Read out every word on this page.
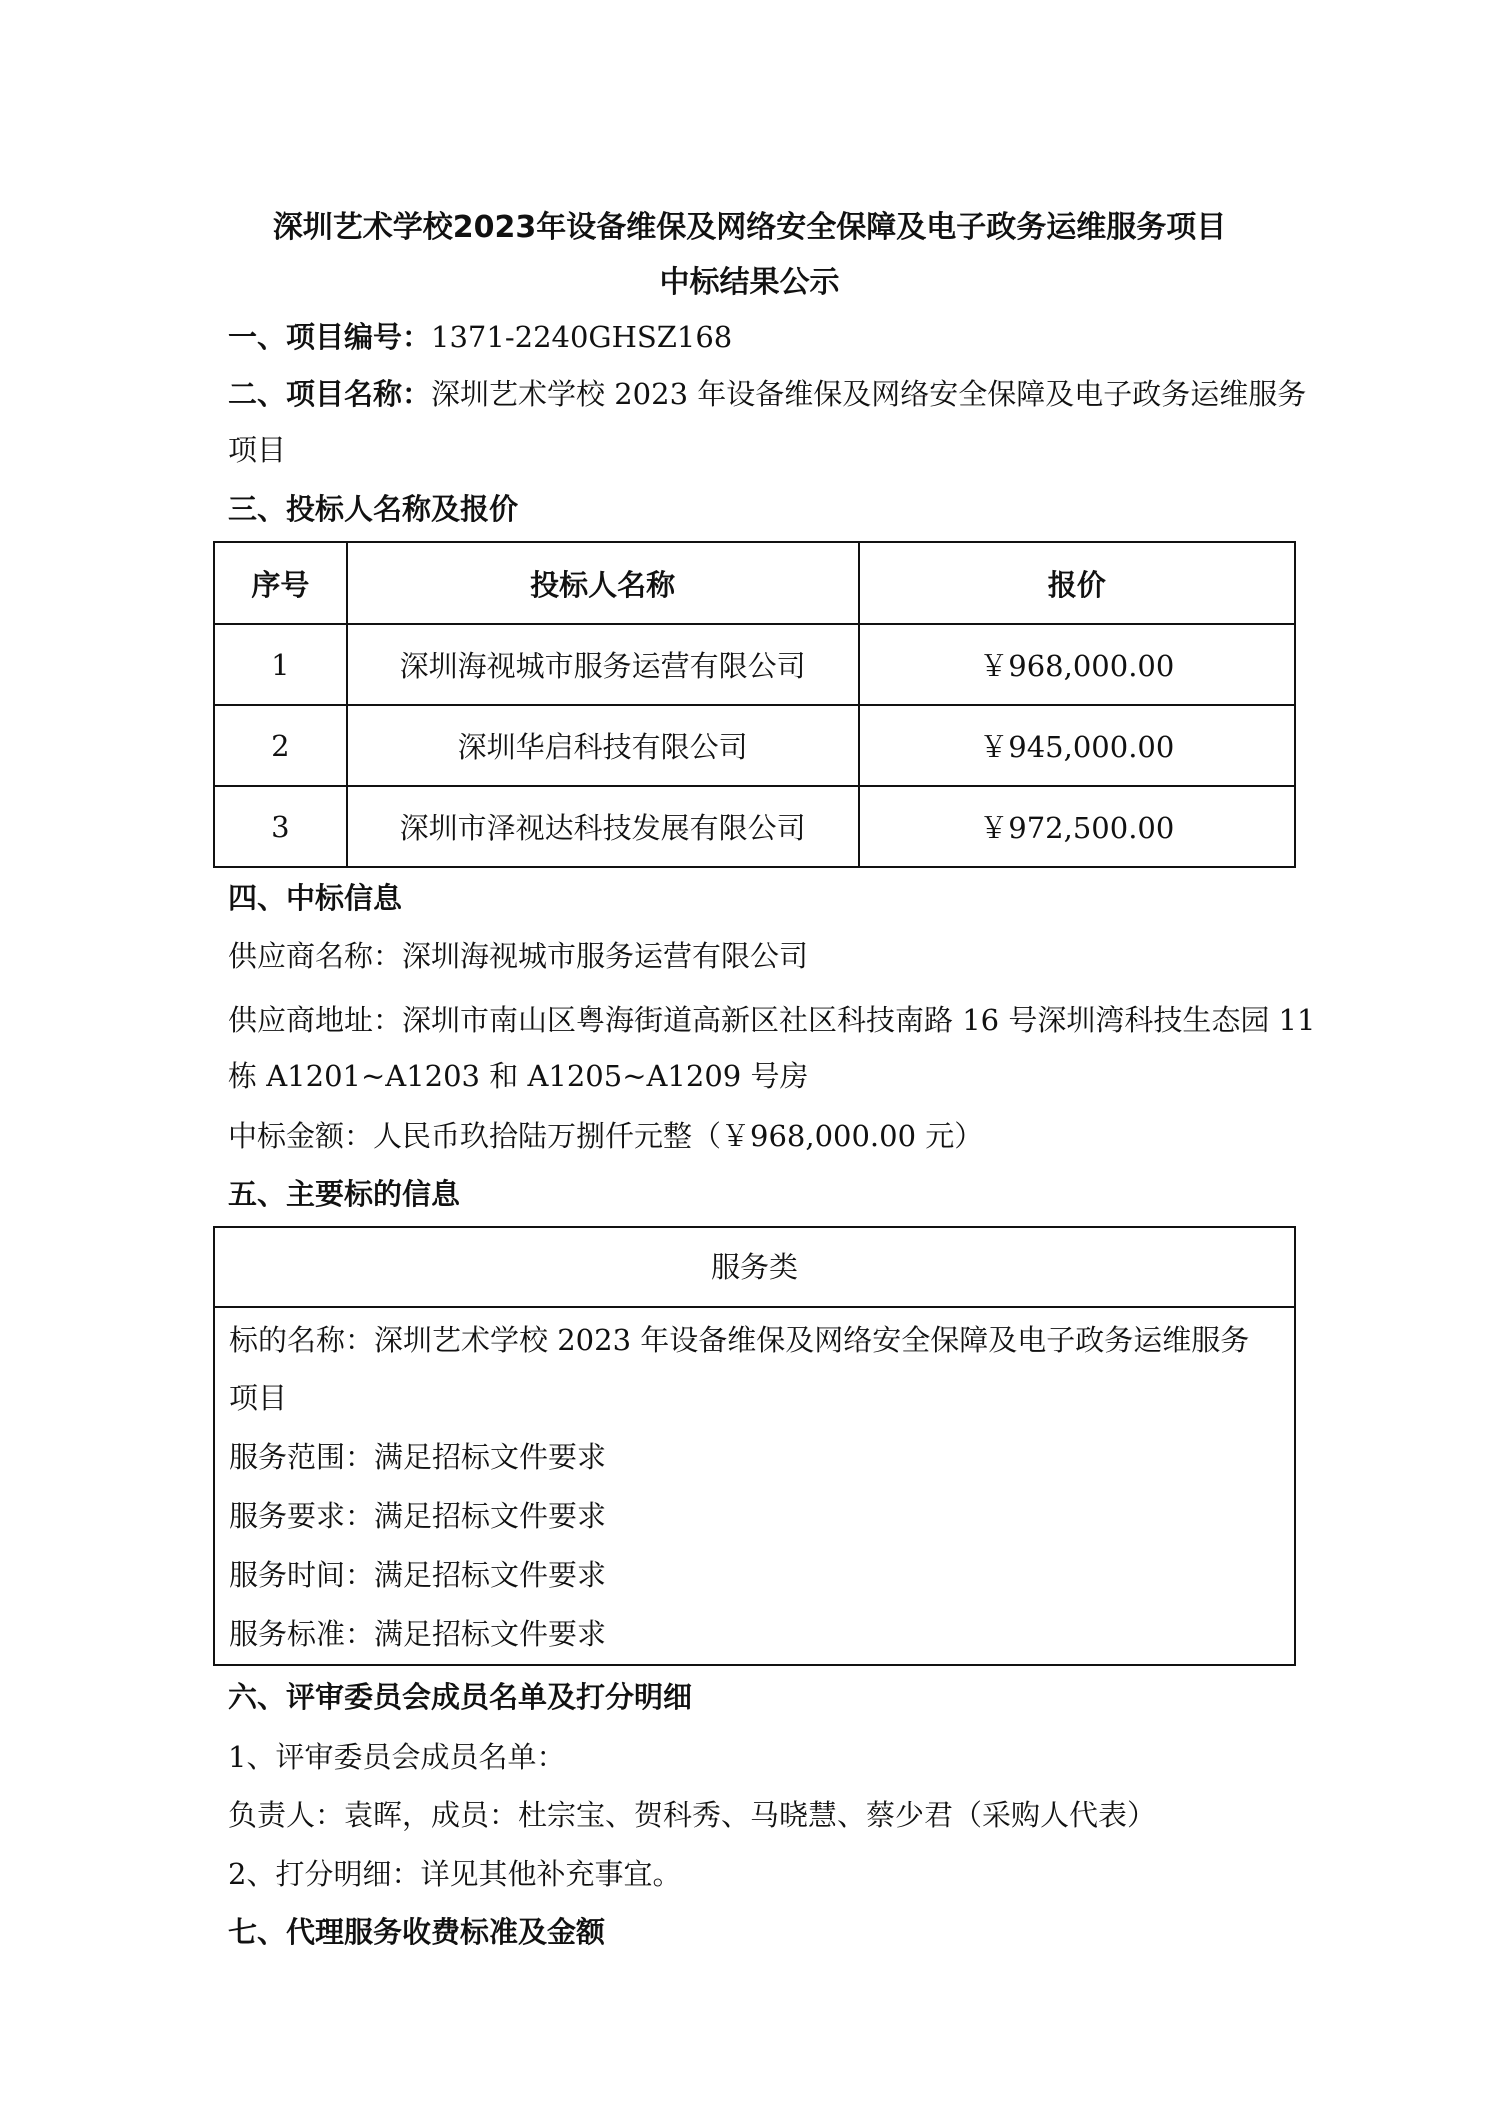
深圳艺术学校2023年设备维保及网络安全保障及电子政务运维服务项目
中标结果公示
一、项目编号：1371-2240GHSZ168
二、项目名称：深圳艺术学校 2023 年设备维保及网络安全保障及电子政务运维服务
项目
三、投标人名称及报价
序号	投标人名称	报价
1	深圳海视城市服务运营有限公司	￥968,000.00
2	深圳华启科技有限公司	￥945,000.00
3	深圳市泽视达科技发展有限公司	￥972,500.00
四、中标信息
供应商名称：深圳海视城市服务运营有限公司
供应商地址：深圳市南山区粤海街道高新区社区科技南路 16 号深圳湾科技生态园 11
栋 A1201~A1203 和 A1205~A1209 号房
中标金额：人民币玖拾陆万捌仟元整（￥968,000.00 元）
五、主要标的信息
服务类
标的名称：深圳艺术学校 2023 年设备维保及网络安全保障及电子政务运维服务
项目
服务范围：满足招标文件要求
服务要求：满足招标文件要求
服务时间：满足招标文件要求
服务标准：满足招标文件要求
六、评审委员会成员名单及打分明细
1、评审委员会成员名单：
负责人：袁晖，成员：杜宗宝、贺科秀、马晓慧、蔡少君（采购人代表）
2、打分明细：详见其他补充事宜。
七、代理服务收费标准及金额
